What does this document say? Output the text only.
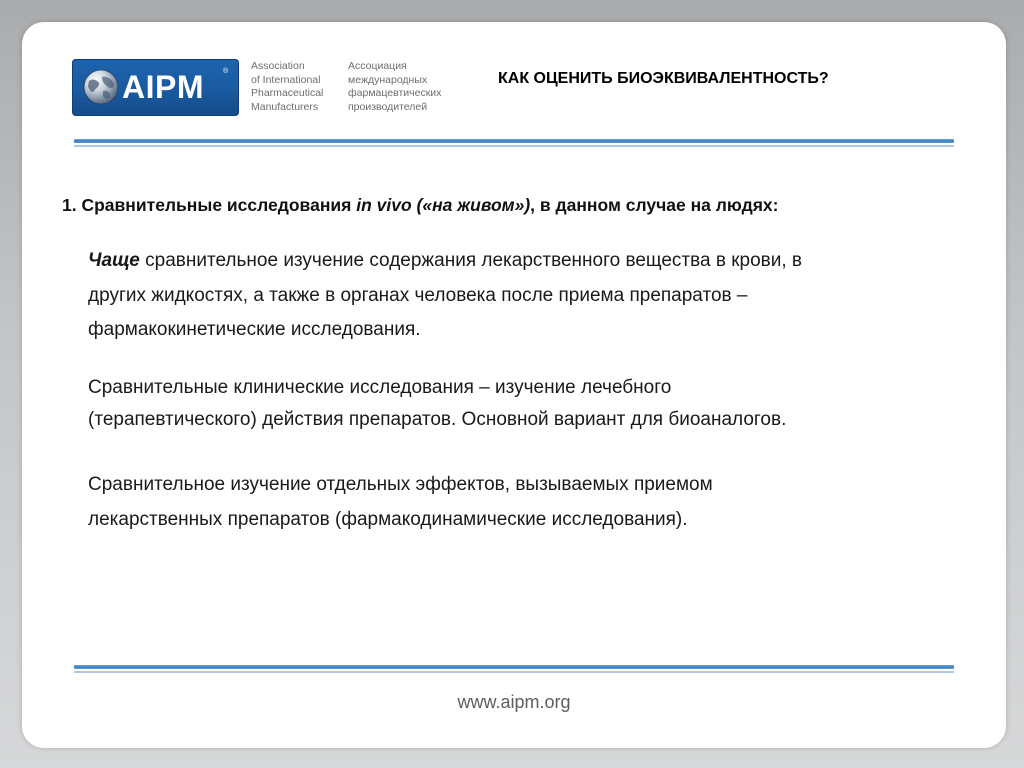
AIPM	® Association
of International
Pharmaceutical
Manufacturers
Ассоциация
международных
фармацевтических
производителей
КАК ОЦЕНИТЬ БИОЭКВИВАЛЕНТНОСТЬ?
1. Сравнительные исследования in vivo («на живом»), в данном случае на людях:
Чаще сравнительное изучение содержания лекарственного вещества в крови, в
других жидкостях, а также в органах человека после приема препаратов –
фармакокинетические исследования.
Сравнительные клинические исследования – изучение лечебного
(терапевтического) действия препаратов. Основной вариант для биоаналогов.
Сравнительное изучение отдельных эффектов, вызываемых приемом
лекарственных препаратов (фармакодинамические исследования).
www.aipm.org
